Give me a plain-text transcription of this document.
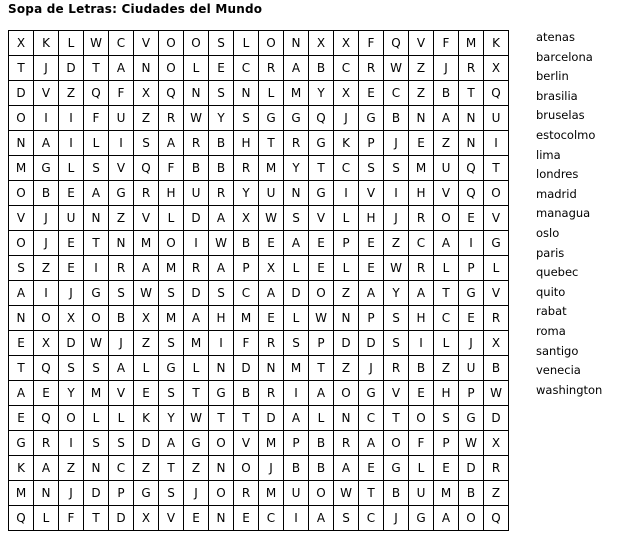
Sopa de Letras: Ciudades del Mundo
X	K	L	W	C	V	O	O	S	L	O	N	X	X	F	Q	V	F	M	K
T	J	D	T	A	N	O	L	E	C	R	A	B	C	R	W	Z	J	R	X
D	V	Z	Q	F	X	Q	N	S	N	L	M	Y	X	E	C	Z	B	T	Q
O	I	I	F	U	Z	R	W	Y	S	G	G	Q	J	G	B	N	A	N	U
N	A	I	L	I	S	A	R	B	H	T	R	G	K	P	J	E	Z	N	I
M	G	L	S	V	Q	F	B	B	R	M	Y	T	C	S	S	M	U	Q	T
O	B	E	A	G	R	H	U	R	Y	U	N	G	I	V	I	H	V	Q	O
V	J	U	N	Z	V	L	D	A	X	W	S	V	L	H	J	R	O	E	V
O	J	E	T	N	M	O	I	W	B	E	A	E	P	E	Z	C	A	I	G
S	Z	E	I	R	A	M	R	A	P	X	L	E	L	E	W	R	L	P	L
A	I	J	G	S	W	S	D	S	C	A	D	O	Z	A	Y	A	T	G	V
N	O	X	O	B	X	M	A	H	M	E	L	W	N	P	S	H	C	E	R
E	X	D	W	J	Z	S	M	I	F	R	S	P	D	D	S	I	L	J	X
T	Q	S	S	A	L	G	L	N	D	N	M	T	Z	J	R	B	Z	U	B
A	E	Y	M	V	E	S	T	G	B	R	I	A	O	G	V	E	H	P	W
E	Q	O	L	L	K	Y	W	T	T	D	A	L	N	C	T	O	S	G	D
G	R	I	S	S	D	A	G	O	V	M	P	B	R	A	O	F	P	W	X
K	A	Z	N	C	Z	T	Z	N	O	J	B	B	A	E	G	L	E	D	R
M	N	J	D	P	G	S	J	O	R	M	U	O	W	T	B	U	M	B	Z
Q	L	F	T	D	X	V	E	N	E	C	I	A	S	C	J	G	A	O	Q
atenas
barcelona
berlin
brasilia
bruselas
estocolmo
lima
londres
madrid
managua
oslo
paris
quebec
quito
rabat
roma
santigo
venecia
washington
